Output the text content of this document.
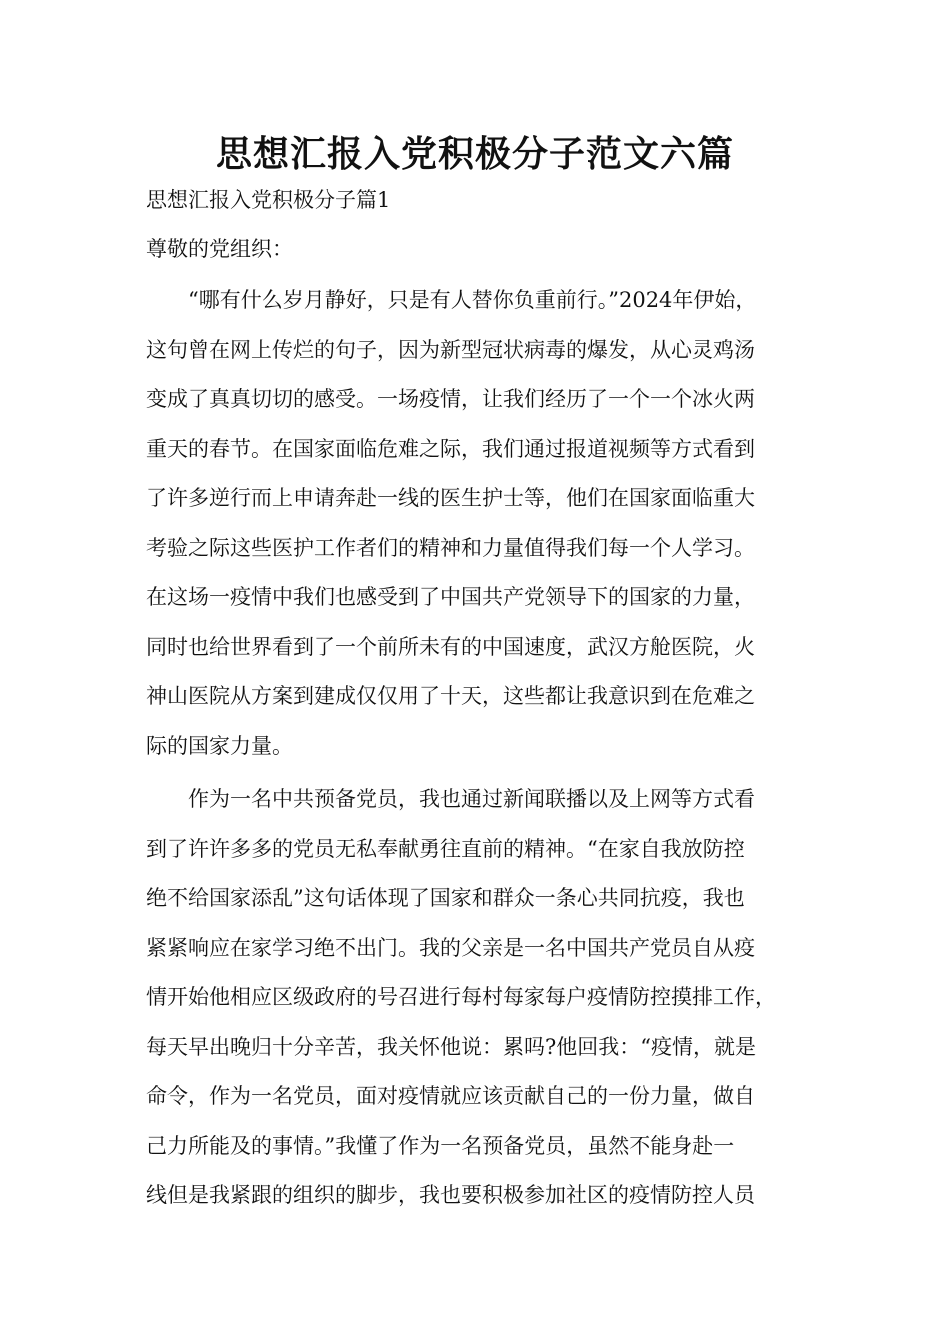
思想汇报入党积极分子范文六篇
思想汇报入党积极分子篇1
尊敬的党组织：
　　“哪有什么岁月静好，只是有人替你负重前行。”2024年伊始，
这句曾在网上传烂的句子，因为新型冠状病毒的爆发，从心灵鸡汤
变成了真真切切的感受。一场疫情，让我们经历了一个一个冰火两
重天的春节。在国家面临危难之际，我们通过报道视频等方式看到
了许多逆行而上申请奔赴一线的医生护士等，他们在国家面临重大
考验之际这些医护工作者们的精神和力量值得我们每一个人学习。
在这场一疫情中我们也感受到了中国共产党领导下的国家的力量，
同时也给世界看到了一个前所未有的中国速度，武汉方舱医院，火
神山医院从方案到建成仅仅用了十天，这些都让我意识到在危难之
际的国家力量。
　　作为一名中共预备党员，我也通过新闻联播以及上网等方式看
到了许许多多的党员无私奉献勇往直前的精神。“在家自我放防控
绝不给国家添乱”这句话体现了国家和群众一条心共同抗疫，我也
紧紧响应在家学习绝不出门。我的父亲是一名中国共产党员自从疫
情开始他相应区级政府的号召进行每村每家每户疫情防控摸排工作，
每天早出晚归十分辛苦，我关怀他说：累吗?他回我：“疫情，就是
命令，作为一名党员，面对疫情就应该贡献自己的一份力量，做自
己力所能及的事情。”我懂了作为一名预备党员，虽然不能身赴一
线但是我紧跟的组织的脚步，我也要积极参加社区的疫情防控人员
